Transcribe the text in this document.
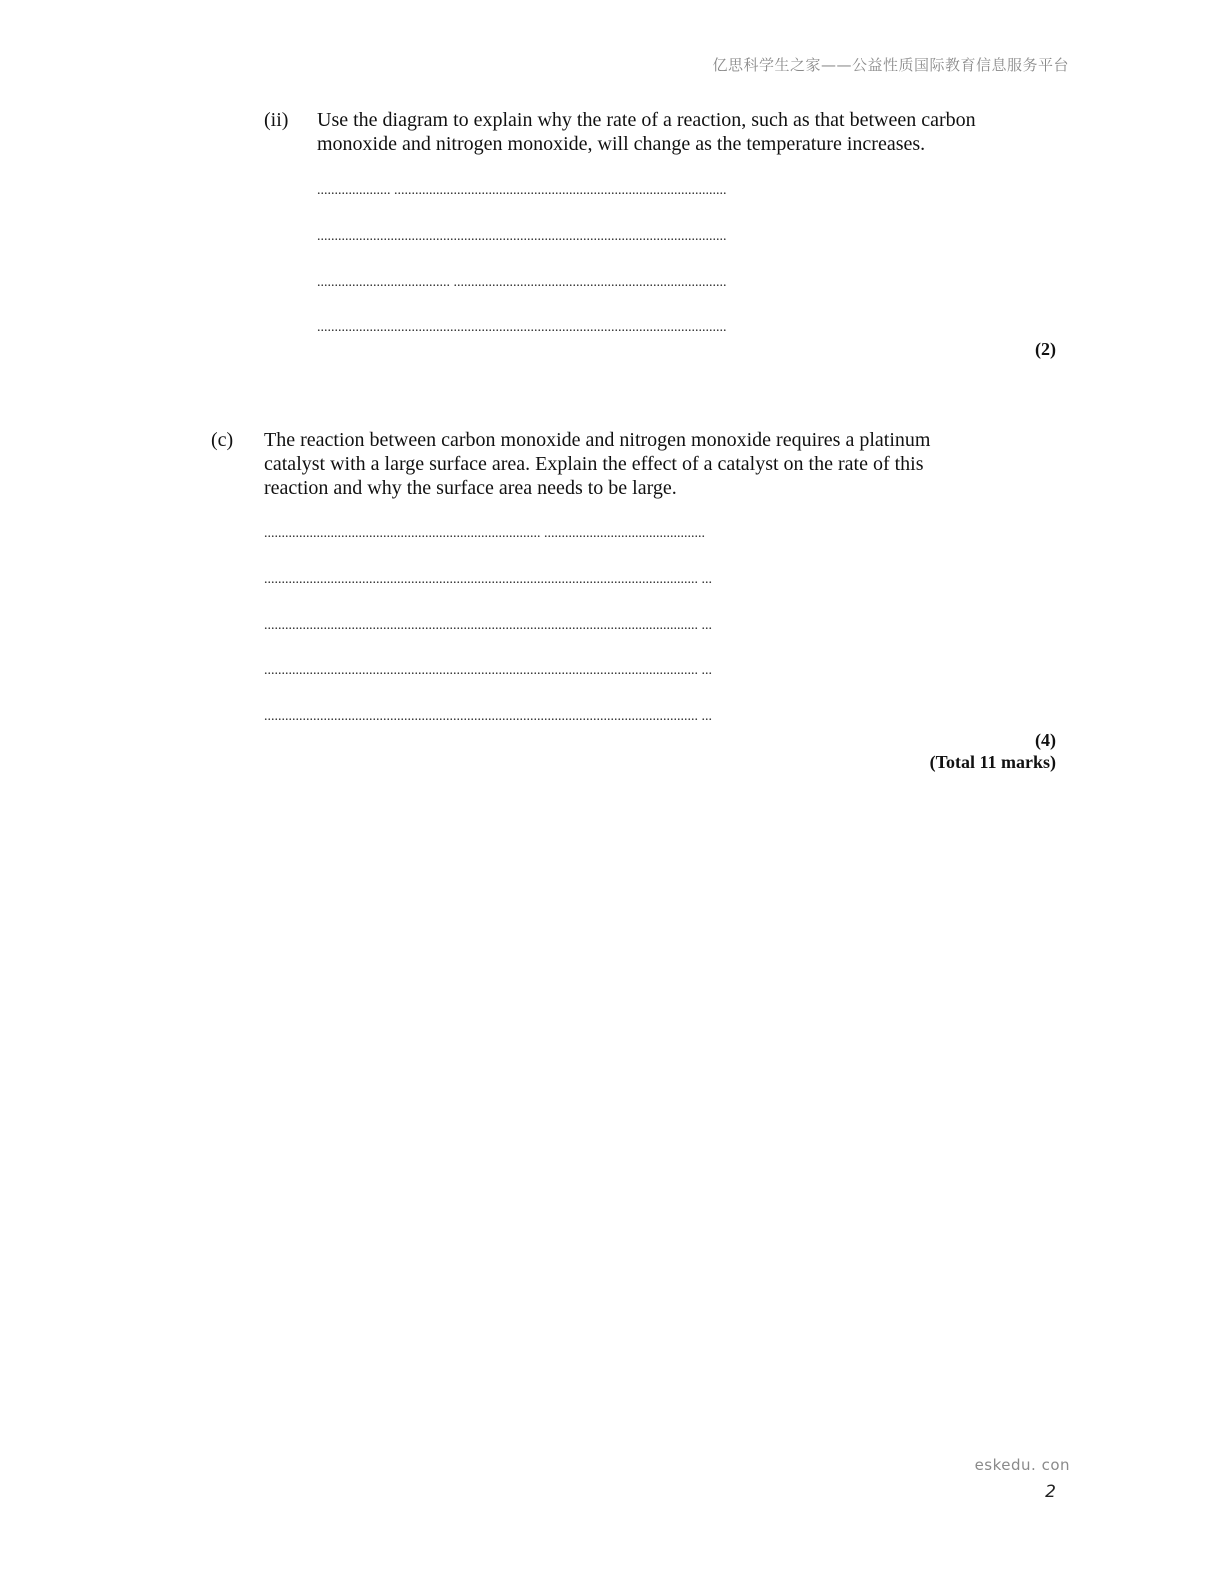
亿思科学生之家——公益性质国际教育信息服务平台
(ii) Use the diagram to explain why the rate of a reaction, such as that between carbon
monoxide and nitrogen monoxide, will change as the temperature increases.
..................... ...............................................................................................
.....................................................................................................................
...................................... ..............................................................................
.....................................................................................................................
(2)
(c) The reaction between carbon monoxide and nitrogen monoxide requires a platinum
catalyst with a large surface area. Explain the effect of a catalyst on the rate of this
reaction and why the surface area needs to be large.
............................................................................... ..............................................
............................................................................................................................ ...
............................................................................................................................ ...
............................................................................................................................ ...
............................................................................................................................ ...
(4)
(Total 11 marks)
eskedu. con
2
